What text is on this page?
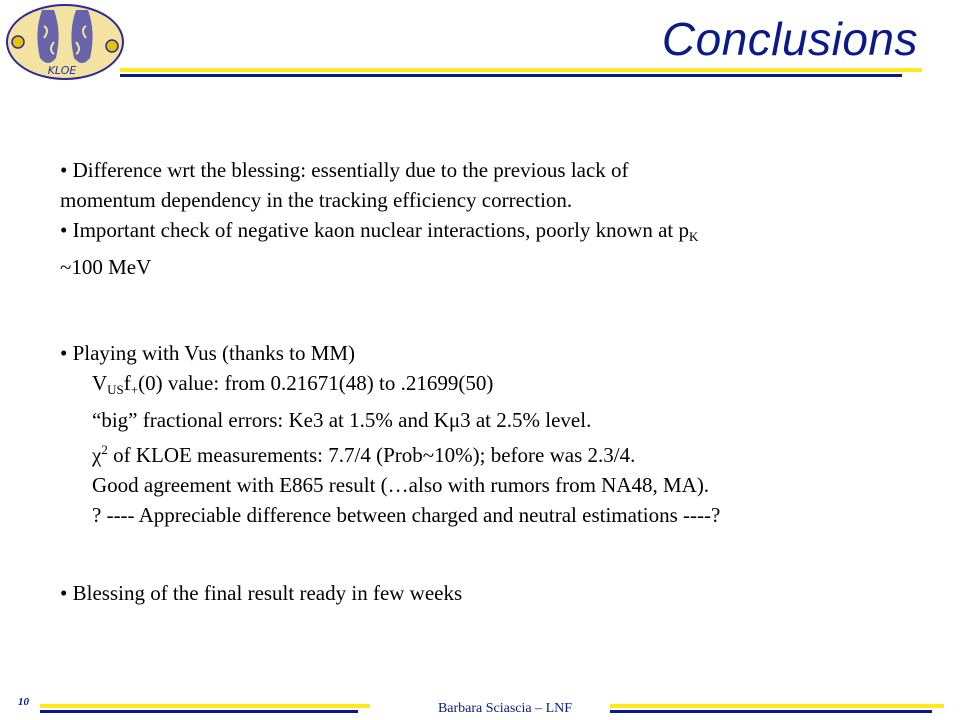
KLOE
Conclusions

• Difference wrt the blessing: essentially due to the previous lack of

momentum dependency in the tracking efficiency correction.

• Important check of negative kaon nuclear interactions, poorly known at $p_K$

~100 MeV

• Playing with Vus (thanks to MM)

$V_{US}f_+(0)$ value: from 0.21671(48) to .21699(50)

“big” fractional errors: Ke3 at 1.5% and Kμ3 at 2.5% level.

$\chi^2$ of KLOE measurements: 7.7/4 (Prob~10%); before was 2.3/4.

Good agreement with E865 result (…also with rumors from NA48, MA).

? ---- Appreciable difference between charged and neutral estimations ----?

• Blessing of the final result ready in few weeks

10	Barbara Sciascia – LNF
